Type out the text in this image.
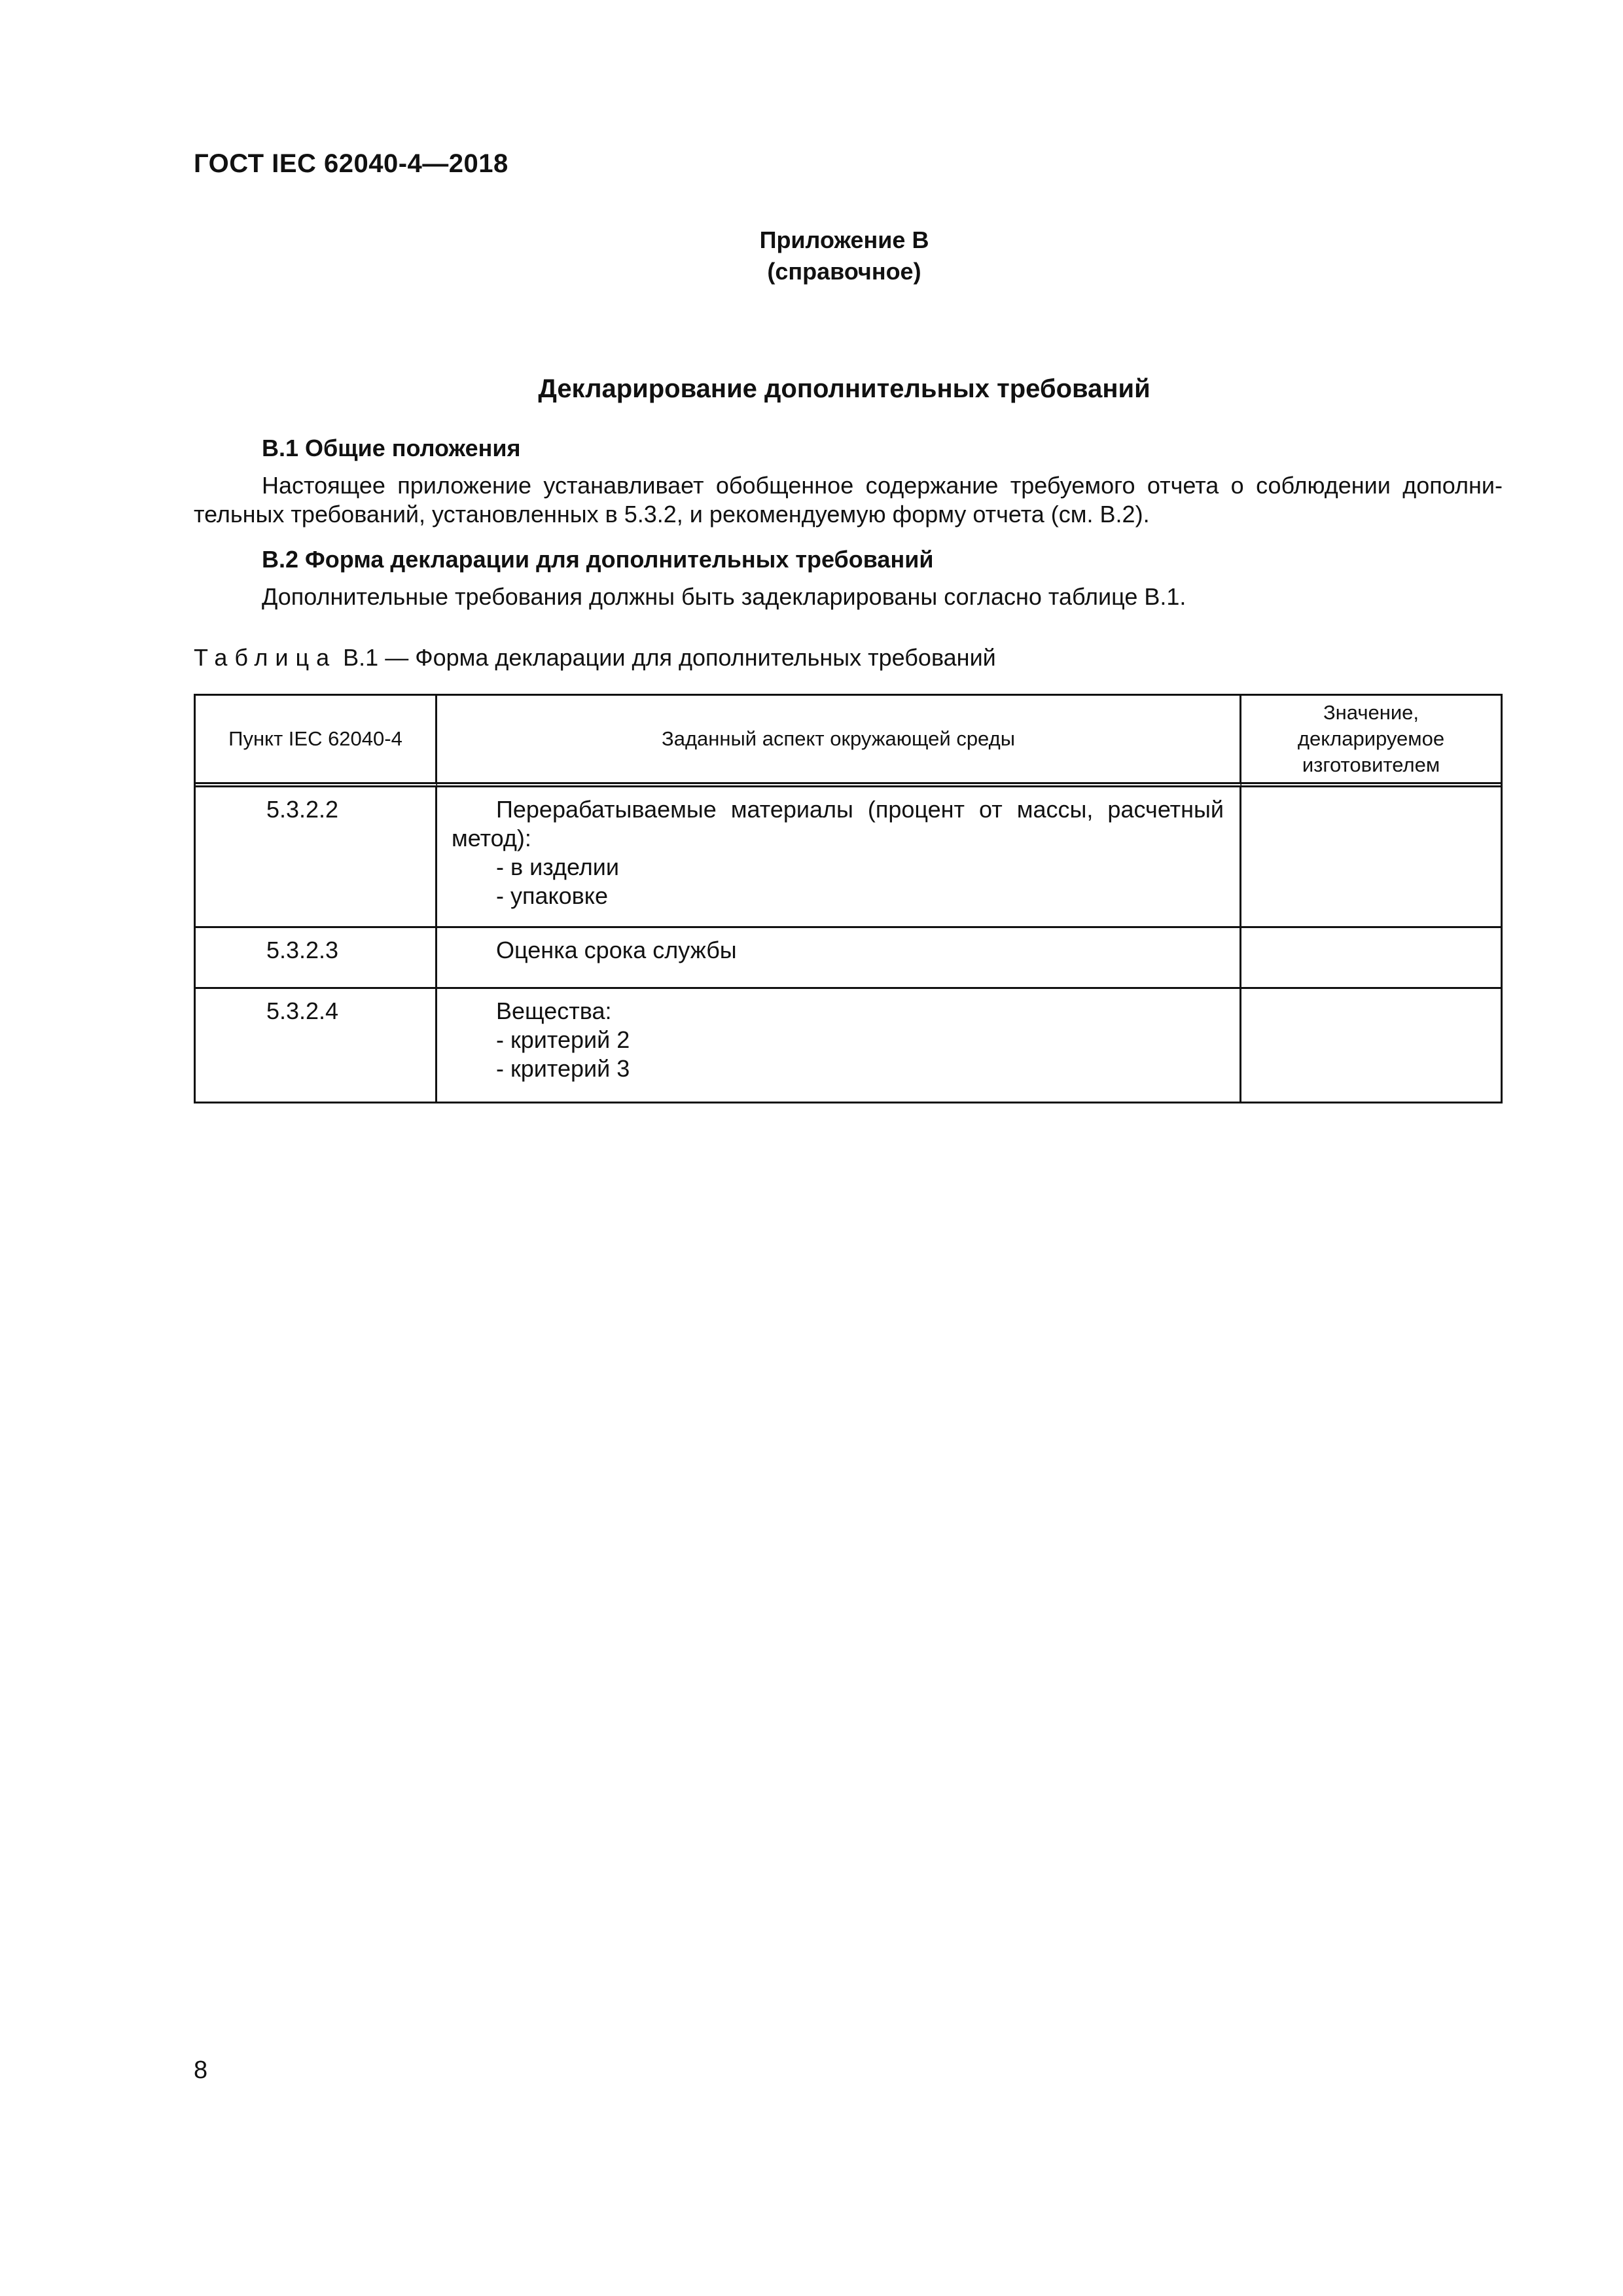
ГОСТ IEC 62040-4—2018
Приложение В
(справочное)
Декларирование дополнительных требований
В.1 Общие положения
Настоящее приложение устанавливает обобщенное содержание требуемого отчета о соблюдении дополни-тельных требований, установленных в 5.3.2, и рекомендуемую форму отчета (см. В.2).
В.2 Форма декларации для дополнительных требований
Дополнительные требования должны быть задекларированы согласно таблице В.1.
Таблица В.1 — Форма декларации для дополнительных требований
Пункт IEC 62040-4	Заданный аспект окружающей среды	Значение, декларируемое изготовителем
5.3.2.2	Перерабатываемые материалы (процент от массы, расчетный метод):
- в изделии
- упаковке	

5.3.2.3	Оценка срока службы	

5.3.2.4	Вещества:
- критерий 2
- критерий 3	

8
